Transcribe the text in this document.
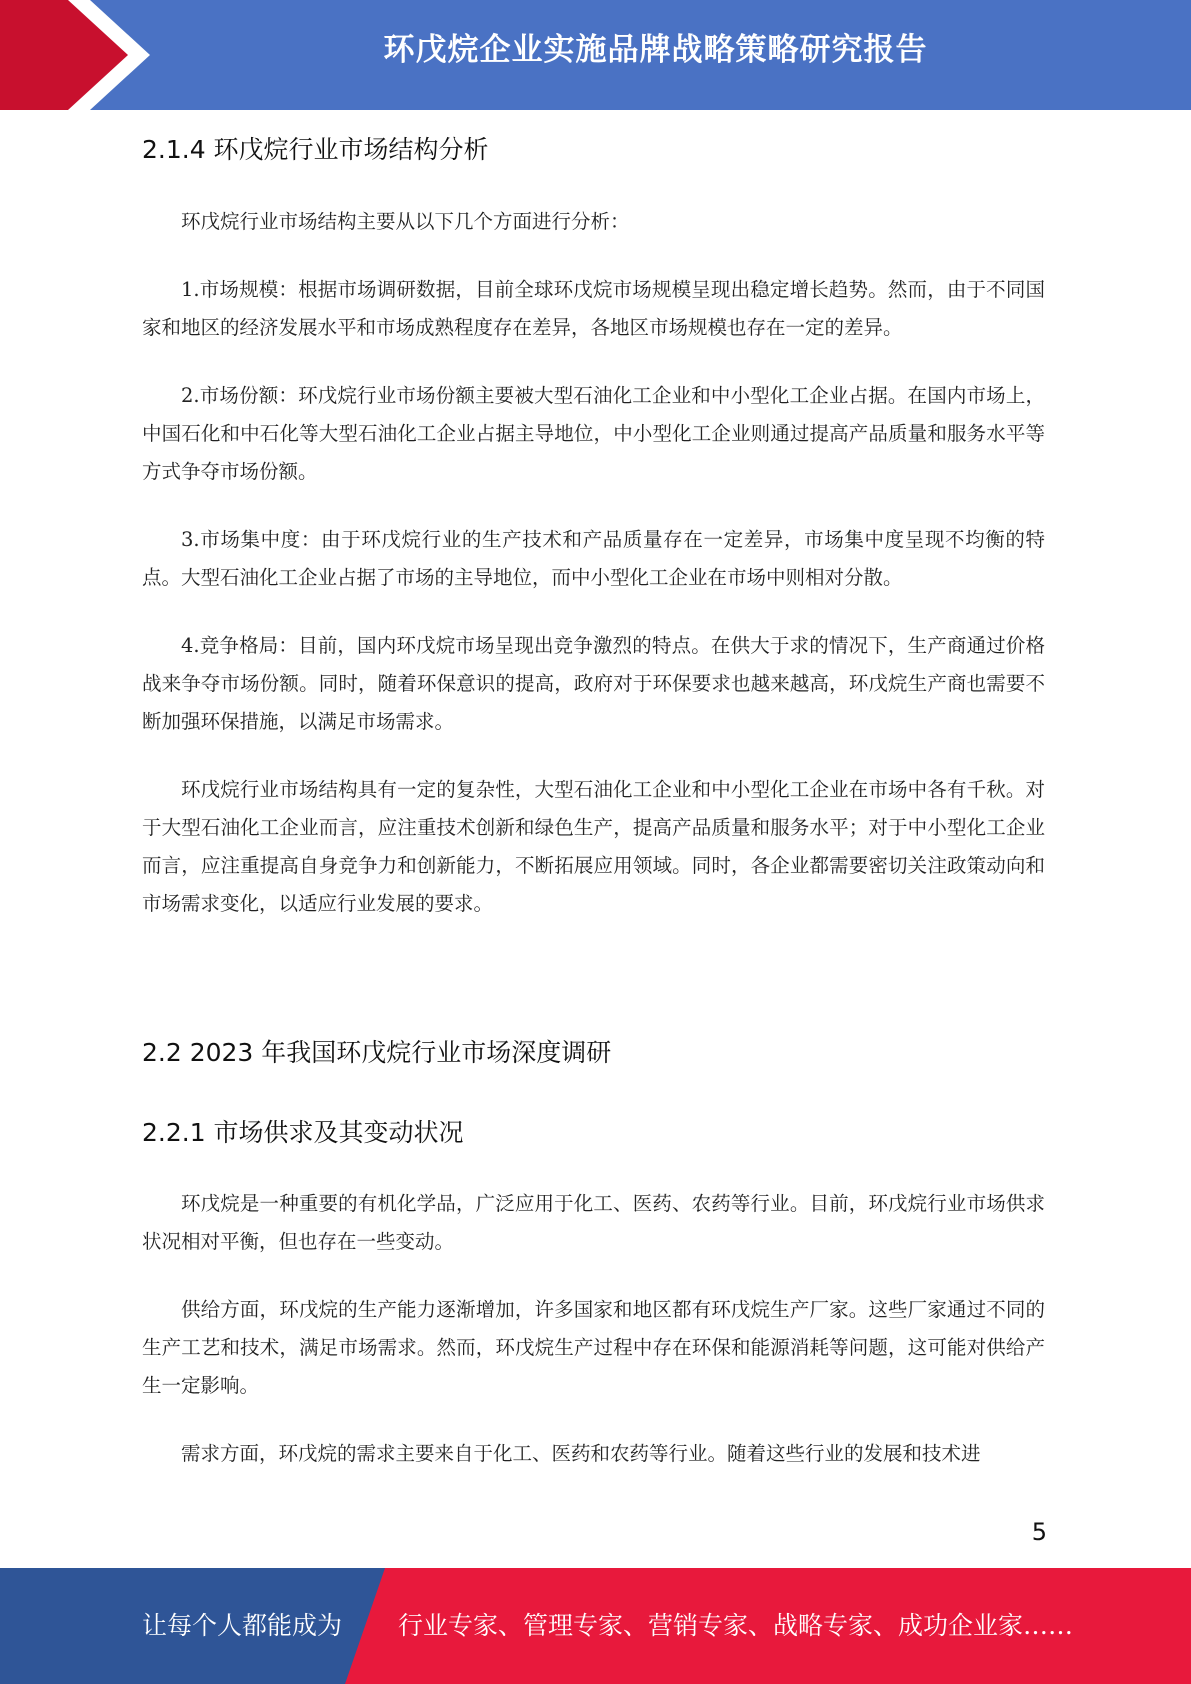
环戊烷企业实施品牌战略策略研究报告
2.1.4 环戊烷行业市场结构分析

环戊烷行业市场结构主要从以下几个方面进行分析：

1.市场规模：根据市场调研数据，目前全球环戊烷市场规模呈现出稳定增长趋势。然而，由于不同国家和地区的经济发展水平和市场成熟程度存在差异，各地区市场规模也存在一定的差异。

2.市场份额：环戊烷行业市场份额主要被大型石油化工企业和中小型化工企业占据。在国内市场上，中国石化和中石化等大型石油化工企业占据主导地位，中小型化工企业则通过提高产品质量和服务水平等方式争夺市场份额。

3.市场集中度：由于环戊烷行业的生产技术和产品质量存在一定差异，市场集中度呈现不均衡的特点。大型石油化工企业占据了市场的主导地位，而中小型化工企业在市场中则相对分散。

4.竞争格局：目前，国内环戊烷市场呈现出竞争激烈的特点。在供大于求的情况下，生产商通过价格战来争夺市场份额。同时，随着环保意识的提高，政府对于环保要求也越来越高，环戊烷生产商也需要不断加强环保措施，以满足市场需求。

环戊烷行业市场结构具有一定的复杂性，大型石油化工企业和中小型化工企业在市场中各有千秋。对于大型石油化工企业而言，应注重技术创新和绿色生产，提高产品质量和服务水平；对于中小型化工企业而言，应注重提高自身竞争力和创新能力，不断拓展应用领域。同时，各企业都需要密切关注政策动向和市场需求变化，以适应行业发展的要求。

2.2 2023 年我国环戊烷行业市场深度调研
2.2.1 市场供求及其变动状况

环戊烷是一种重要的有机化学品，广泛应用于化工、医药、农药等行业。目前，环戊烷行业市场供求状况相对平衡，但也存在一些变动。

供给方面，环戊烷的生产能力逐渐增加，许多国家和地区都有环戊烷生产厂家。这些厂家通过不同的生产工艺和技术，满足市场需求。然而，环戊烷生产过程中存在环保和能源消耗等问题，这可能对供给产生一定影响。

需求方面，环戊烷的需求主要来自于化工、医药和农药等行业。随着这些行业的发展和技术进

5
让每个人都能成为 行业专家、管理专家、营销专家、战略专家、成功企业家……
